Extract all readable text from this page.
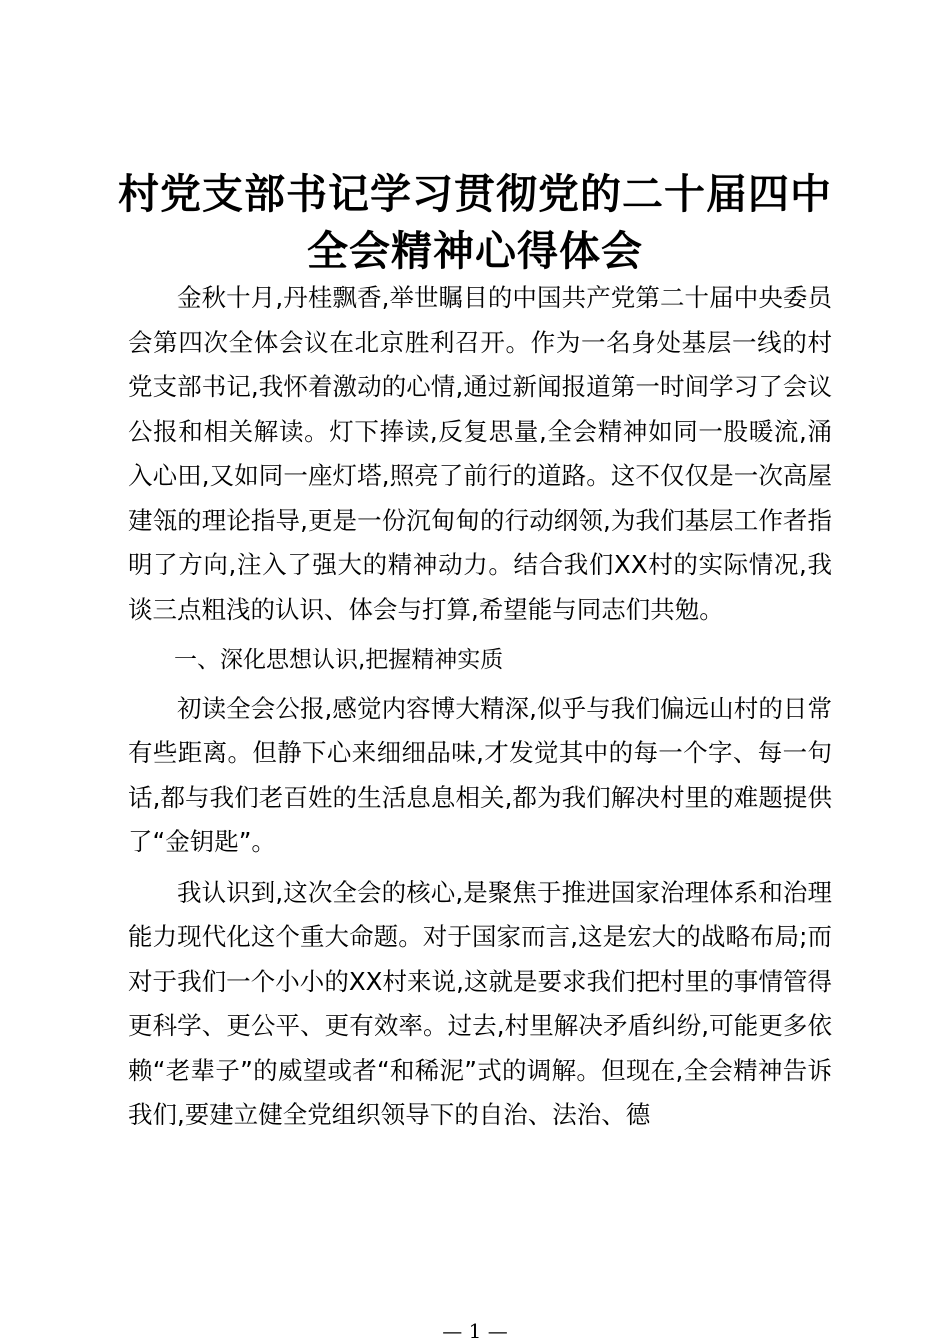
村党支部书记学习贯彻党的二十届四中全会精神心得体会

金秋十月,丹桂飘香,举世瞩目的中国共产党第二十届中央委员会第四次全体会议在北京胜利召开。作为一名身处基层一线的村党支部书记,我怀着激动的心情,通过新闻报道第一时间学习了会议公报和相关解读。灯下捧读,反复思量,全会精神如同一股暖流,涌入心田,又如同一座灯塔,照亮了前行的道路。这不仅仅是一次高屋建瓴的理论指导,更是一份沉甸甸的行动纲领,为我们基层工作者指明了方向,注入了强大的精神动力。结合我们XX村的实际情况,我谈三点粗浅的认识、体会与打算,希望能与同志们共勉。

一、深化思想认识,把握精神实质

初读全会公报,感觉内容博大精深,似乎与我们偏远山村的日常有些距离。但静下心来细细品味,才发觉其中的每一个字、每一句话,都与我们老百姓的生活息息相关,都为我们解决村里的难题提供了“金钥匙”。

我认识到,这次全会的核心,是聚焦于推进国家治理体系和治理能力现代化这个重大命题。对于国家而言,这是宏大的战略布局;而对于我们一个小小的XX村来说,这就是要求我们把村里的事情管得更科学、更公平、更有效率。过去,村里解决矛盾纠纷,可能更多依赖“老辈子”的威望或者“和稀泥”式的调解。但现在,全会精神告诉我们,要建立健全党组织领导下的自治、法治、德

— 1 —
